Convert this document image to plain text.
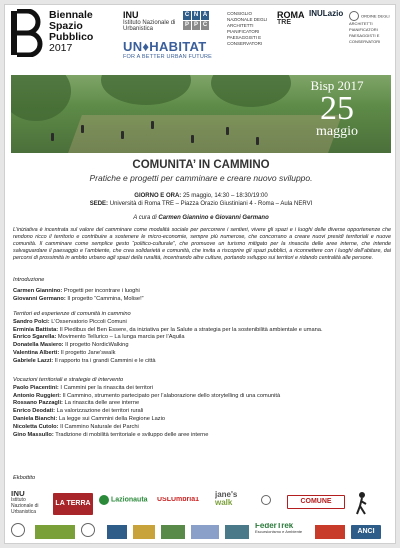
Biennale
Spazio
Pubblico
2017
INU
Istituto Nazionale di Urbanistica
C N A
P P C
CONSIGLIO NAZIONALE DEGLI ARCHITETTI PIANIFICATORI PAESAGGISTI E CONSERVATORI
ROMA
TRE
INULazio	ORDINE DEGLI ARCHITETTI PIANIFICATORI PAESAGGISTI E CONSERVATORI
UN♦HABITAT
FOR A BETTER URBAN FUTURE
Bisp 2017
25
maggio
COMUNITA’ IN CAMMINO
Pratiche e progetti per camminare e creare nuovo sviluppo.
GIORNO E ORA: 25 maggio, 14:30 – 18:30/19:00
SEDE: Università di Roma TRE – Piazza Orazio Giustiniani 4 - Roma – Aula NERVI
A cura di Carmen Giannino e Giovanni Germano
L’iniziativa è incentrata sul valore del camminare come modalità sociale per percorrere i sentieri, vivere gli spazi e i luoghi delle diverse opportenenze che rendono ricco il territorio e contribuire a sostenere le micro-economie, sempre più numerose, che concorrano a creare nuovi presidi territoriali e nuove comunità. Il camminare come semplice gesto “politico-culturale”, che promuove un turismo mitigato per la rinascita delle aree interne, che intende salvaguardare il paesaggio e l’ambiente, che crea solidarietà e comunità, che invita a riscoprire gli spazi pubblici, a riconnettere con i luoghi dell’abitare, dai percorsi di prossimità in ambito urbano agli spazi della ruralità, incentrando altre culture, portando sviluppo sui territori e ridando centralità alle persone.
Introduzione
Carmen Giannino: Progetti per incontrare i luoghi
Giovanni Germano: Il progetto “Cammina, Molise!”
Territori ed esperienze di comunità in cammino
Sandro Polci: L’Osservatorio Piccoli Comuni
Erminia Battista: Il Piedibus del Ben Essere, da iniziativa per la Salute a strategia per la sostenibilità ambientale e umana.
Enrico Sgarella: Movimento Tellurico – La lunga marcia per l’Aquila
Donatella Masiero: Il progetto NordicWalking
Valentina Alberti: Il progetto Jane’swalk
Gabriele Lazzi: Il rapporto tra i grandi Cammini e le città
Vocazioni territoriali e strategie di intervento
Paolo Piacentini: I Cammini per la rinascita dei territori
Antonio Ruggieri: Il Cammino, strumento partecipato per l’alaborazione dello storytelling di una comunità
Rossano Pazzagli: La rinascita delle aree interne
Enrico Deodati: La valorizzazione dei territori rurali
Daniela Bianchi: La legge sui Cammini della Regione Lazio
Nicoletta Cutolo: Il Cammino Naturale dei Parchi
Gino Massullo: Tradizione di mobilità territoriale e sviluppo delle aree interne
Ekbottito
INU
Istituto Nazionale di Urbanistica
LA TERRA
Lazionauta	USLUmbria1
jane's
walk	COMUNE
FederTrek
Escursionismo e Ambiente	ANCI
